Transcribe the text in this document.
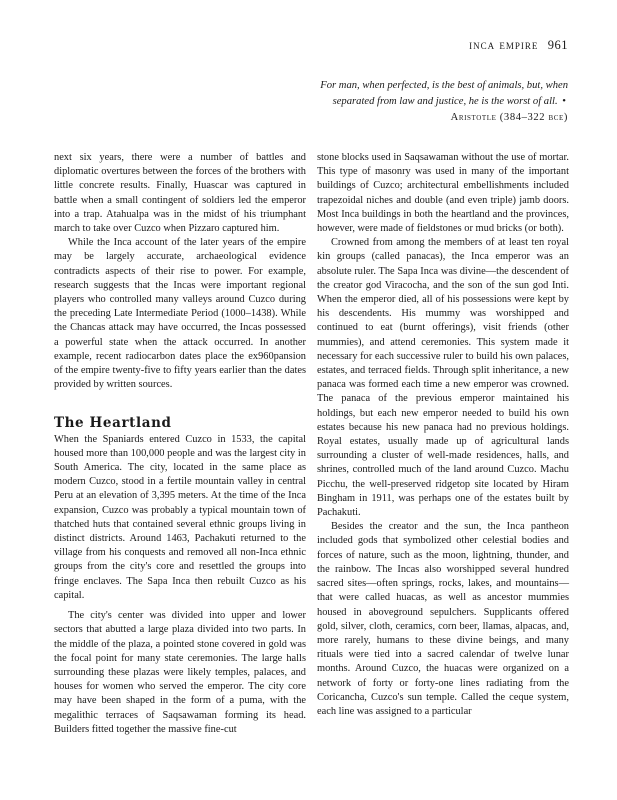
inca empire 961
For man, when perfected, is the best of animals, but, when separated from law and justice, he is the worst of all. • Aristotle (384–322 bce)

next six years, there were a number of battles and diplomatic overtures between the forces of the brothers with little concrete results. Finally, Huascar was captured in battle when a small contingent of soldiers led the emperor into a trap. Atahualpa was in the midst of his triumphant march to take over Cuzco when Pizzaro captured him.

While the Inca account of the later years of the empire may be largely accurate, archaeological evidence contradicts aspects of their rise to power. For example, research suggests that the Incas were important regional players who controlled many valleys around Cuzco during the preceding Late Intermediate Period (1000–1438). While the Chancas attack may have occurred, the Incas possessed a powerful state when the attack occurred. In another example, recent radiocarbon dates place the ex960pansion of the empire twenty-five to fifty years earlier than the dates provided by written sources.

The Heartland

When the Spaniards entered Cuzco in 1533, the capital housed more than 100,000 people and was the largest city in South America. The city, located in the same place as modern Cuzco, stood in a fertile mountain valley in central Peru at an elevation of 3,395 meters. At the time of the Inca expansion, Cuzco was probably a typical mountain town of thatched huts that contained several ethnic groups living in distinct districts. Around 1463, Pachakuti returned to the village from his conquests and removed all non-Inca ethnic groups from the city's core and resettled the groups into fringe enclaves. The Sapa Inca then rebuilt Cuzco as his capital.

The city's center was divided into upper and lower sectors that abutted a large plaza divided into two parts. In the middle of the plaza, a pointed stone covered in gold was the focal point for many state ceremonies. The large halls surrounding these plazas were likely temples, palaces, and houses for women who served the emperor. The city core may have been shaped in the form of a puma, with the megalithic terraces of Saqsawaman forming its head. Builders fitted together the massive fine-cut

stone blocks used in Saqsawaman without the use of mortar. This type of masonry was used in many of the important buildings of Cuzco; architectural embellishments included trapezoidal niches and double (and even triple) jamb doors. Most Inca buildings in both the heartland and the provinces, however, were made of fieldstones or mud bricks (or both).

Crowned from among the members of at least ten royal kin groups (called panacas), the Inca emperor was an absolute ruler. The Sapa Inca was divine—the descendent of the creator god Viracocha, and the son of the sun god Inti. When the emperor died, all of his possessions were kept by his descendents. His mummy was worshipped and continued to eat (burnt offerings), visit friends (other mummies), and attend ceremonies. This system made it necessary for each successive ruler to build his own palaces, estates, and terraced fields. Through split inheritance, a new panaca was formed each time a new emperor was crowned. The panaca of the previous emperor maintained his holdings, but each new emperor needed to build his own estates because his new panaca had no previous holdings. Royal estates, usually made up of agricultural lands surrounding a cluster of well-made residences, halls, and shrines, controlled much of the land around Cuzco. Machu Picchu, the well-preserved ridgetop site located by Hiram Bingham in 1911, was perhaps one of the estates built by Pachakuti.

Besides the creator and the sun, the Inca pantheon included gods that symbolized other celestial bodies and forces of nature, such as the moon, lightning, thunder, and the rainbow. The Incas also worshipped several hundred sacred sites—often springs, rocks, lakes, and mountains—that were called huacas, as well as ancestor mummies housed in aboveground sepulchers. Supplicants offered gold, silver, cloth, ceramics, corn beer, llamas, alpacas, and, more rarely, humans to these divine beings, and many rituals were tied into a sacred calendar of twelve lunar months. Around Cuzco, the huacas were organized on a network of forty or forty-one lines radiating from the Coricancha, Cuzco's sun temple. Called the ceque system, each line was assigned to a particular
